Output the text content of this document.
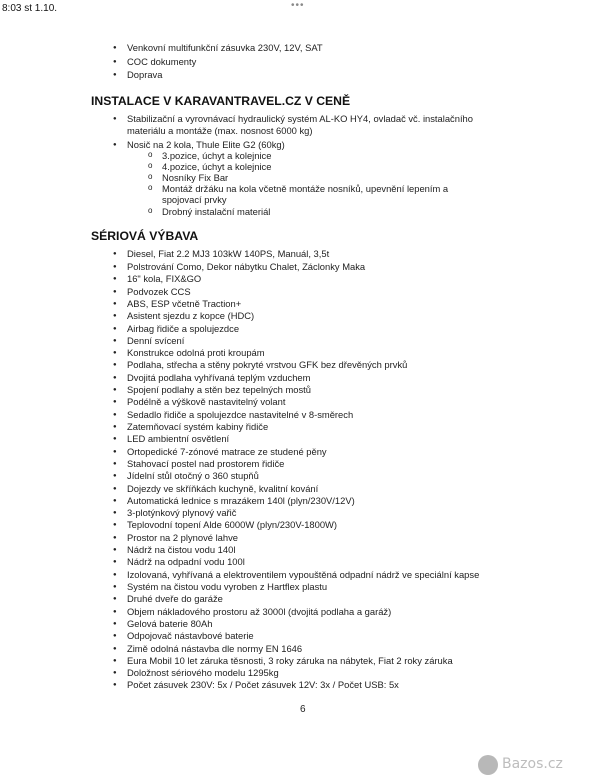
8:03 st 1.10.	•••
● Venkovní multifunkční zásuvka 230V, 12V, SAT
● COC dokumenty
● Doprava
INSTALACE V KARAVANTRAVEL.CZ V CENĚ
● Stabilizační a vyrovnávací hydraulický systém AL-KO HY4, ovladač vč. instalačního
materiálu a montáže (max. nosnost 6000 kg)
● Nosič na 2 kola, Thule Elite G2 (60kg)
o 3.pozice, úchyt a kolejnice
o 4.pozice, úchyt a kolejnice
o Nosníky Fix Bar
o Montáž držáku na kola včetně montáže nosníků, upevnění lepením a
spojovací prvky
o Drobný instalační materiál
SÉRIOVÁ VÝBAVA
● Diesel, Fiat 2.2 MJ3 103kW 140PS, Manuál, 3,5t
● Polstrování Como, Dekor nábytku Chalet, Záclonky Maka
● 16" kola, FIX&GO
● Podvozek CCS
● ABS, ESP včetně Traction+
● Asistent sjezdu z kopce (HDC)
● Airbag řidiče a spolujezdce
● Denní svícení
● Konstrukce odolná proti kroupám
● Podlaha, střecha a stěny pokryté vrstvou GFK bez dřevěných prvků
● Dvojitá podlaha vyhřívaná teplým vzduchem
● Spojení podlahy a stěn bez tepelných mostů
● Podélně a výškově nastavitelný volant
● Sedadlo řidiče a spolujezdce nastavitelné v 8-směrech
● Zatemňovací systém kabiny řidiče
● LED ambientní osvětlení
● Ortopedické 7-zónové matrace ze studené pěny
● Stahovací postel nad prostorem řidiče
● Jídelní stůl otočný o 360 stupňů
● Dojezdy ve skříňkách kuchyně, kvalitní kování
● Automatická lednice s mrazákem 140l (plyn/230V/12V)
● 3-plotýnkový plynový vařič
● Teplovodní topení Alde 6000W (plyn/230V-1800W)
● Prostor na 2 plynové lahve
● Nádrž na čistou vodu 140l
● Nádrž na odpadní vodu 100l
● Izolovaná, vyhřívaná a elektroventilem vypouštěná odpadní nádrž ve speciální kapse
● Systém na čistou vodu vyroben z Hartflex plastu
● Druhé dveře do garáže
● Objem nákladového prostoru až 3000l (dvojitá podlaha a garáž)
● Gelová baterie 80Ah
● Odpojovač nástavbové baterie
● Zimě odolná nástavba dle normy EN 1646
● Eura Mobil 10 let záruka těsnosti, 3 roky záruka na nábytek, Fiat 2 roky záruka
● Doložnost sériového modelu 1295kg
● Počet zásuvek 230V: 5x / Počet zásuvek 12V: 3x / Počet USB: 5x
6
Bazos.cz
